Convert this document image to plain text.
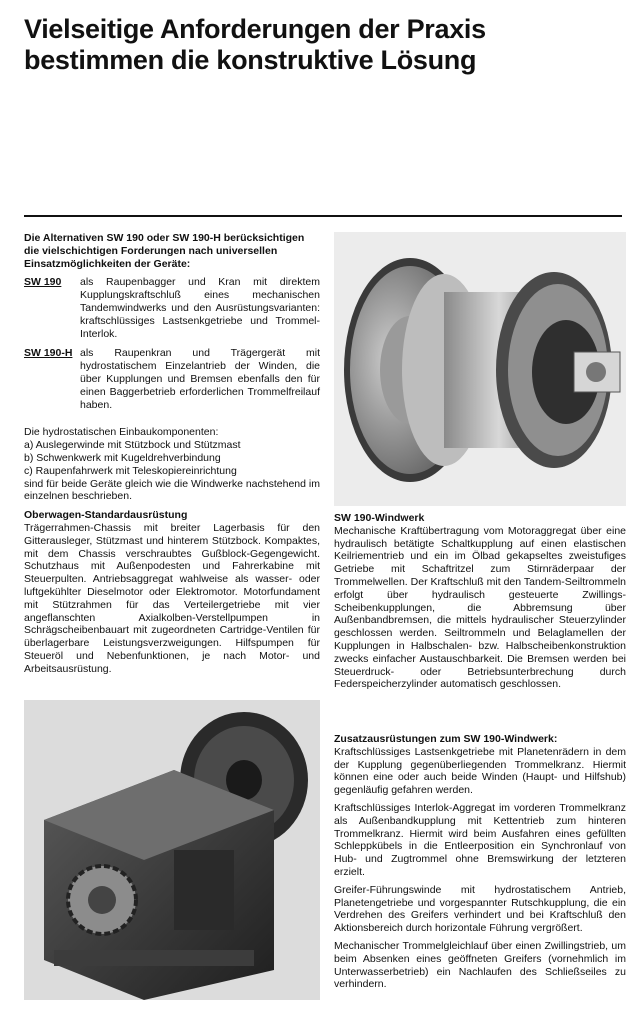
Vielseitige Anforderungen der Praxis
bestimmen die konstruktive Lösung

Die Alternativen SW 190 oder SW 190-H berücksichtigen die vielschichtigen Forderungen nach universellen Einsatzmöglichkeiten der Geräte:

SW 190	als Raupenbagger und Kran mit direktem Kupplungskraftschluß eines mechanischen Tandemwindwerks und den Ausrüstungsvarianten: kraftschlüssiges Lastsenkgetriebe und Trommel-Interlok.
SW 190-H als Raupenkran und Trägergerät mit hydrostatischem Einzelantrieb der Winden, die über Kupplungen und Bremsen ebenfalls den für einen Baggerbetrieb erforderlichen Trommelfreilauf haben.

Die hydrostatischen Einbaukomponenten:

a) Auslegerwinde mit Stützbock und Stützmast
b) Schwenkwerk mit Kugeldrehverbindung
c) Raupenfahrwerk mit Teleskopiereinrichtung

sind für beide Geräte gleich wie die Windwerke nachstehend im einzelnen beschrieben.

Oberwagen-Standardausrüstung

Trägerrahmen-Chassis mit breiter Lagerbasis für den Gitterausleger, Stützmast und hinterem Stützbock. Kompaktes, mit dem Chassis verschraubtes Gußblock-Gegengewicht. Schutzhaus mit Außenpodesten und Fahrerkabine mit Steuerpulten. Antriebsaggregat wahlweise als wasser- oder luftgekühlter Dieselmotor oder Elektromotor. Motorfundament mit Stützrahmen für das Verteilergetriebe mit vier angeflanschten Axialkolben-Verstellpumpen in Schrägscheibenbauart mit zugeordneten Cartridge-Ventilen für überlagerbare Leistungsverzweigungen. Hilfspumpen für Steueröl und Nebenfunktionen, je nach Motor- und Arbeitsausrüstung.

SW 190-Windwerk

Mechanische Kraftübertragung vom Motoraggregat über eine hydraulisch betätigte Schaltkupplung auf einen elastischen Keilriementrieb und ein im Ölbad gekapseltes zweistufiges Getriebe mit Schaftritzel zum Stirnräderpaar der Trommelwellen. Der Kraftschluß mit den Tandem-Seiltrommeln erfolgt über hydraulisch gesteuerte Zwillings-Scheibenkupplungen, die Abbremsung über Außenbandbremsen, die mittels hydraulischer Steuerzylinder geschlossen werden. Seiltrommeln und Belaglamellen der Kupplungen in Halbschalen- bzw. Halbscheibenkonstruktion zwecks einfacher Austauschbarkeit. Die Bremsen werden bei Steuerdruck- oder Betriebsunterbrechung durch Federspeicherzylinder automatisch geschlossen.

Zusatzausrüstungen zum SW 190-Windwerk:

Kraftschlüssiges Lastsenkgetriebe mit Planetenrädern in dem der Kupplung gegenüberliegenden Trommelkranz. Hiermit können eine oder auch beide Winden (Haupt- und Hilfshub) gegenläufig gefahren werden.

Kraftschlüssiges Interlok-Aggregat im vorderen Trommelkranz als Außenbandkupplung mit Kettentrieb zum hinteren Trommelkranz. Hiermit wird beim Ausfahren eines gefüllten Schleppkübels in die Entleerposition ein Synchronlauf von Hub- und Zugtrommel ohne Bremswirkung der letzteren erzielt.

Greifer-Führungswinde mit hydrostatischem Antrieb, Planetengetriebe und vorgespannter Rutschkupplung, die ein Verdrehen des Greifers verhindert und bei Kraftschluß den Aktionsbereich durch horizontale Führung vergrößert.

Mechanischer Trommelgleichlauf über einen Zwillingstrieb, um beim Absenken eines geöffneten Greifers (vornehmlich im Unterwasserbetrieb) ein Nachlaufen des Schließseiles zu verhindern.
